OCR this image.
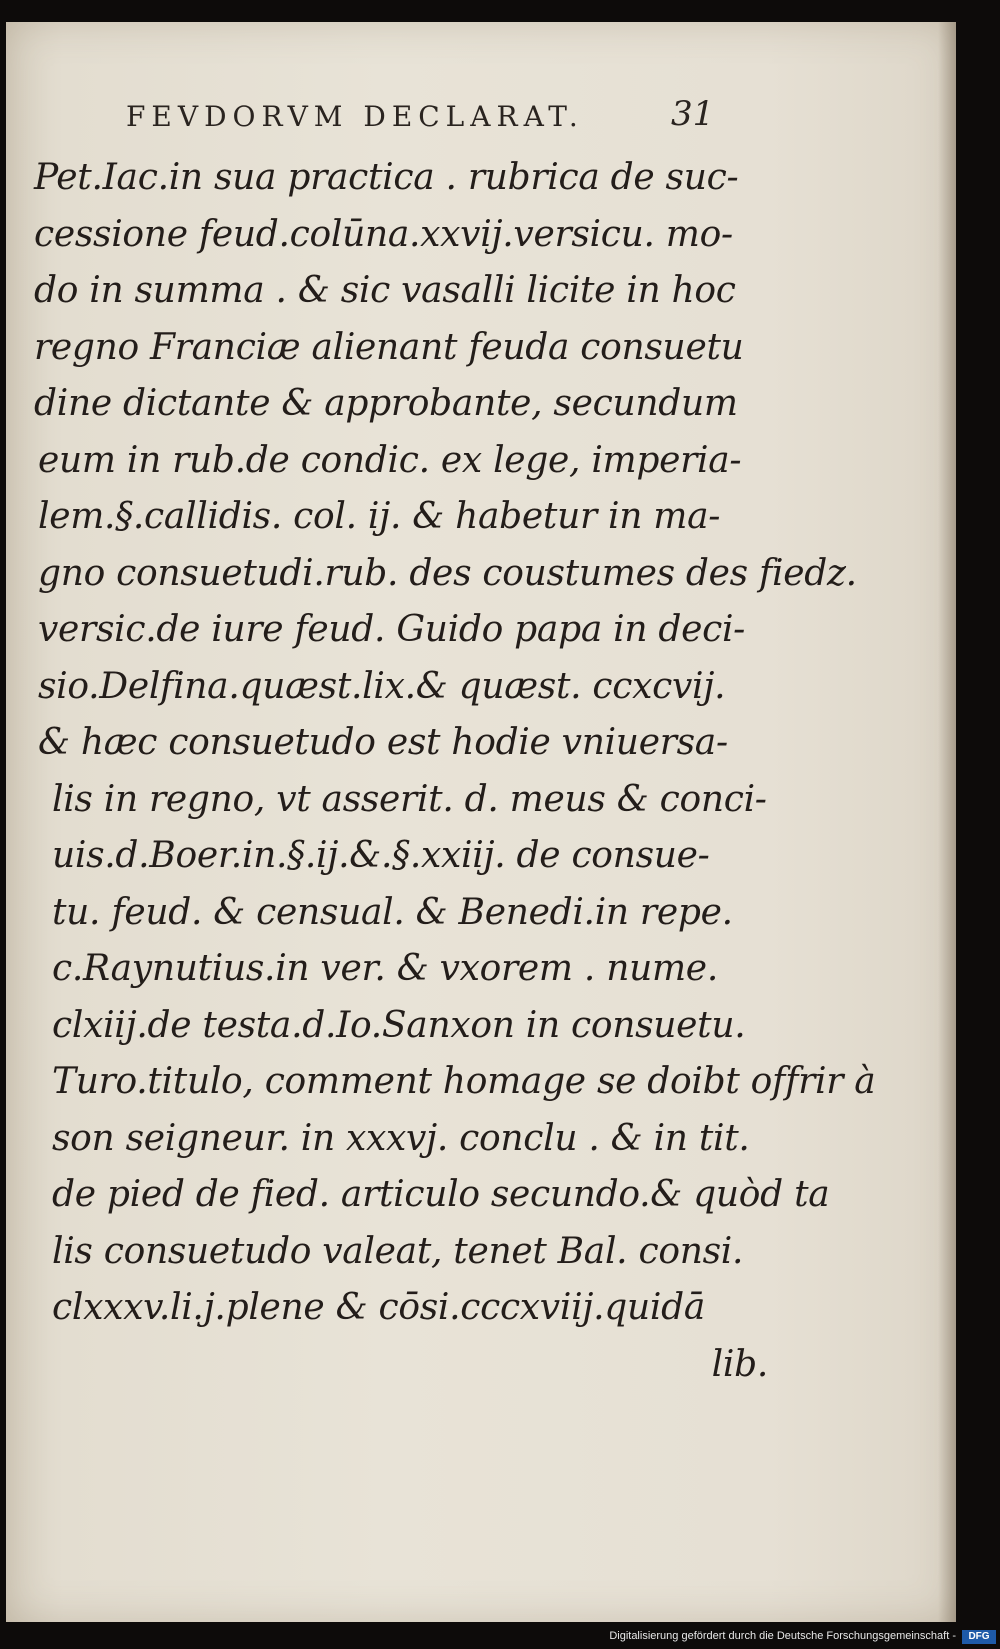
FEVDORVM DECLARAT.	31
Pet.Iac.in sua practica . rubrica de suc-
cessione feud.colūna.xxvij.versicu. mo-
do in summa . & sic vasalli licite in hoc
regno Franciæ alienant feuda consuetu
dine dictante & approbante, secundum
eum in rub.de condic. ex lege, imperia-
lem.§.callidis. col. ij. & habetur in ma-
gno consuetudi.rub. des coustumes des fiedz.
versic.de iure feud. Guido papa in deci-
sio.Delfina.quæst.lix.& quæst. ccxcvij.
& hæc consuetudo est hodie vniuersa-
lis in regno, vt asserit. d. meus & conci-
uis.d.Boer.in.§.ij.&.§.xxiij. de consue-
tu. feud. & censual. & Benedi.in repe.
c.Raynutius.in ver. & vxorem . nume.
clxiij.de testa.d.Io.Sanxon in consuetu.
Turo.titulo, comment homage se doibt offrir à
son seigneur. in xxxvj. conclu . & in tit.
de pied de fied. articulo secundo.& quòd ta
lis consuetudo valeat, tenet Bal. consi.
clxxxv.li.j.plene & cōsi.cccxviij.quidā
lib.
Digitalisierung gefördert durch die Deutsche Forschungsgemeinschaft -	DFG
